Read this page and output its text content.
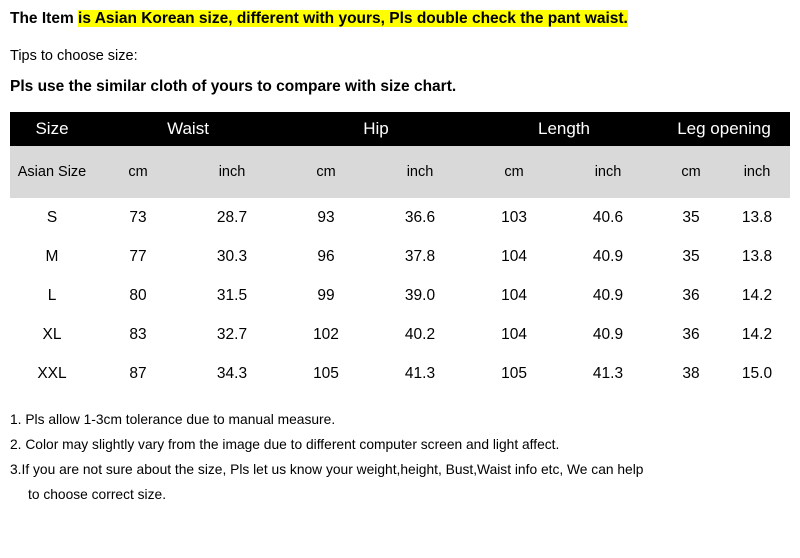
The Item is Asian Korean size, different with yours, Pls double check the pant waist.
Tips to choose size:
Pls use the similar cloth of yours to compare with size chart.
Size	Waist		Hip		Length		Leg opening	
Asian Size	cm	inch	cm	inch	cm	inch	cm	inch
S	73	28.7	93	36.6	103	40.6	35	13.8
M	77	30.3	96	37.8	104	40.9	35	13.8
L	80	31.5	99	39.0	104	40.9	36	14.2
XL	83	32.7	102	40.2	104	40.9	36	14.2
XXL	87	34.3	105	41.3	105	41.3	38	15.0
1. Pls allow 1-3cm tolerance due to manual measure.
2. Color may slightly vary from the image due to different computer screen and light affect.
3.If you are not sure about the size, Pls let us know your weight,height, Bust,Waist info etc, We can help
to choose correct size.
